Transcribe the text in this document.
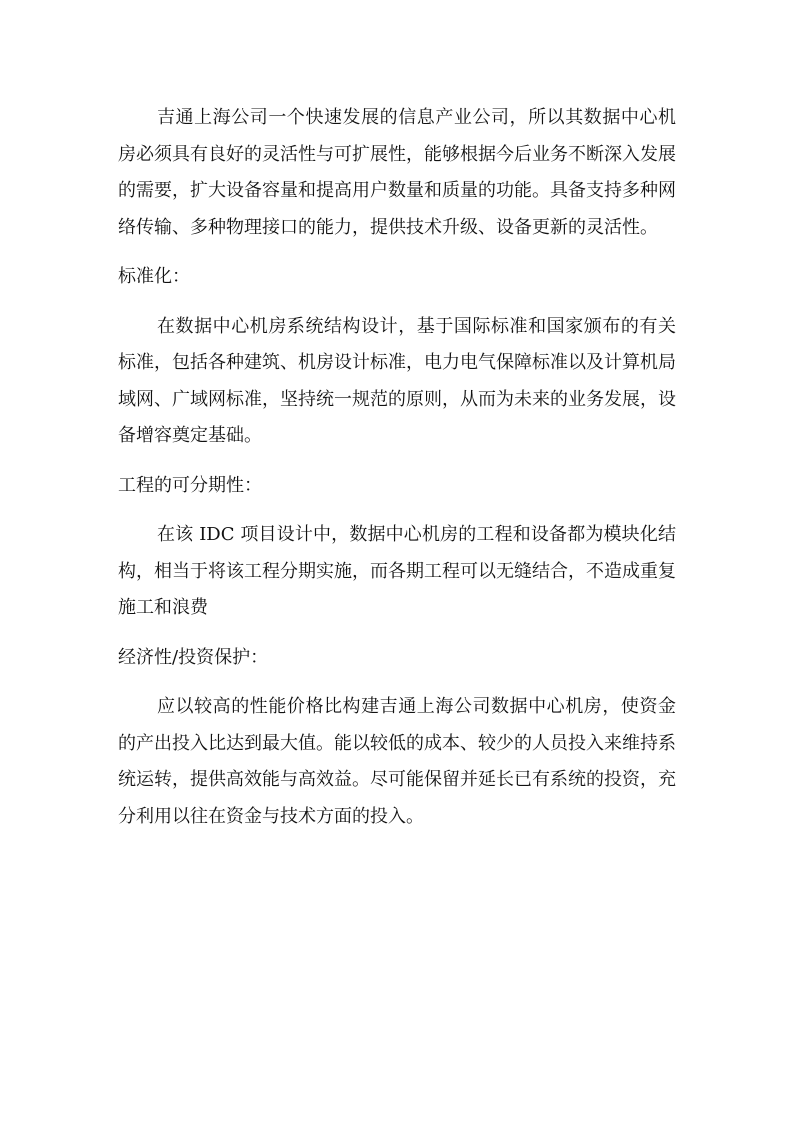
吉通上海公司一个快速发展的信息产业公司，所以其数据中心机房必须具有良好的灵活性与可扩展性，能够根据今后业务不断深入发展的需要，扩大设备容量和提高用户数量和质量的功能。具备支持多种网络传输、多种物理接口的能力，提供技术升级、设备更新的灵活性。

标准化：

在数据中心机房系统结构设计，基于国际标准和国家颁布的有关标准，包括各种建筑、机房设计标准，电力电气保障标准以及计算机局域网、广域网标准，坚持统一规范的原则，从而为未来的业务发展，设备增容奠定基础。

工程的可分期性：

在该 IDC 项目设计中，数据中心机房的工程和设备都为模块化结构，相当于将该工程分期实施，而各期工程可以无缝结合，不造成重复施工和浪费

经济性/投资保护：

应以较高的性能价格比构建吉通上海公司数据中心机房，使资金的产出投入比达到最大值。能以较低的成本、较少的人员投入来维持系统运转，提供高效能与高效益。尽可能保留并延长已有系统的投资，充分利用以往在资金与技术方面的投入。
